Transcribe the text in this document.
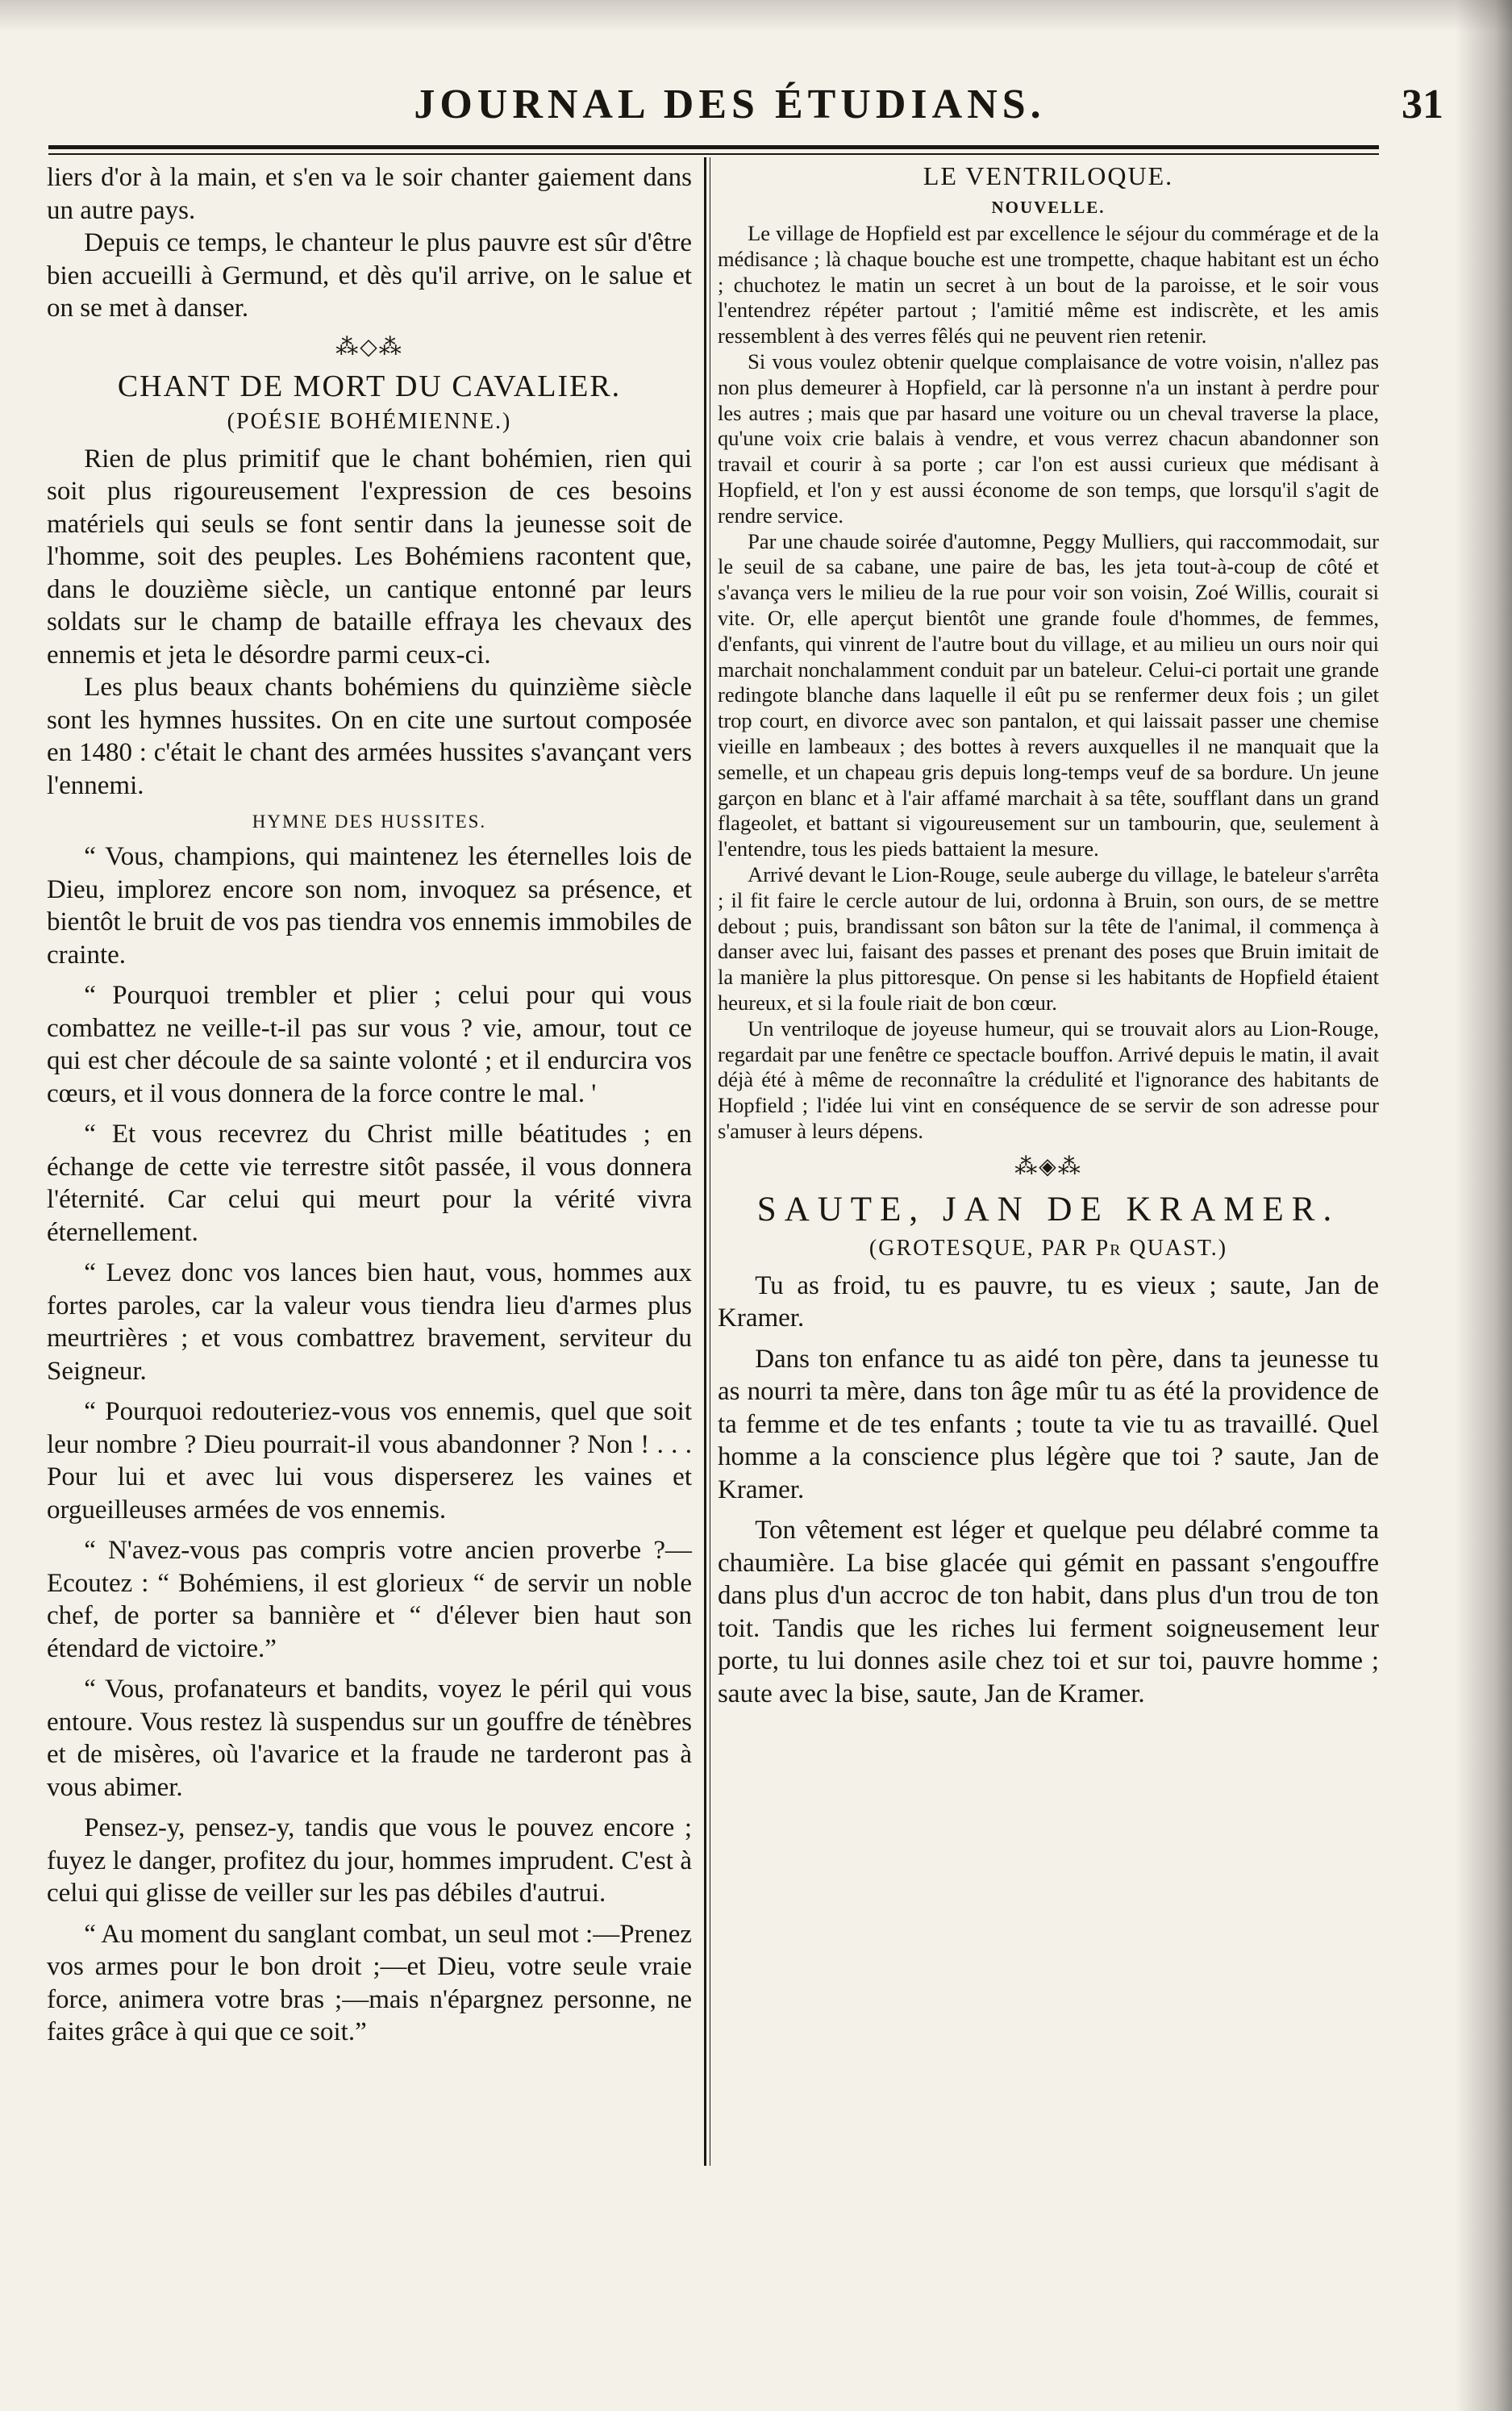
JOURNAL DES ÉTUDIANS.	31

liers d'or à la main, et s'en va le soir chanter gaiement dans un autre pays.

Depuis ce temps, le chanteur le plus pauvre est sûr d'être bien accueilli à Germund, et dès qu'il arrive, on le salue et on se met à danser.

⁂◇⁂
CHANT DE MORT DU CAVALIER.
(POÉSIE BOHÉMIENNE.)

Rien de plus primitif que le chant bohémien, rien qui soit plus rigoureusement l'expression de ces besoins matériels qui seuls se font sentir dans la jeunesse soit de l'homme, soit des peuples. Les Bohémiens racontent que, dans le douzième siècle, un cantique entonné par leurs soldats sur le champ de bataille effraya les chevaux des ennemis et jeta le désordre parmi ceux-ci.

Les plus beaux chants bohémiens du quinzième siècle sont les hymnes hussites. On en cite une surtout composée en 1480 : c'était le chant des armées hussites s'avançant vers l'ennemi.

HYMNE DES HUSSITES.

“ Vous, champions, qui maintenez les éternelles lois de Dieu, implorez encore son nom, invoquez sa présence, et bientôt le bruit de vos pas tiendra vos ennemis immobiles de crainte.

“ Pourquoi trembler et plier ; celui pour qui vous combattez ne veille-t-il pas sur vous ? vie, amour, tout ce qui est cher découle de sa sainte volonté ; et il endurcira vos cœurs, et il vous donnera de la force contre le mal. '

“ Et vous recevrez du Christ mille béatitudes ; en échange de cette vie terrestre sitôt passée, il vous donnera l'éternité. Car celui qui meurt pour la vérité vivra éternellement.

“ Levez donc vos lances bien haut, vous, hommes aux fortes paroles, car la valeur vous tiendra lieu d'armes plus meurtrières ; et vous combattrez bravement, serviteur du Seigneur.

“ Pourquoi redouteriez-vous vos ennemis, quel que soit leur nombre ? Dieu pourrait-il vous abandonner ? Non ! . . . Pour lui et avec lui vous disperserez les vaines et orgueilleuses armées de vos ennemis.

“ N'avez-vous pas compris votre ancien proverbe ?—Ecoutez : “ Bohémiens, il est glorieux “ de servir un noble chef, de porter sa bannière et “ d'élever bien haut son étendard de victoire.”

“ Vous, profanateurs et bandits, voyez le péril qui vous entoure. Vous restez là suspendus sur un gouffre de ténèbres et de misères, où l'avarice et la fraude ne tarderont pas à vous abimer.

Pensez-y, pensez-y, tandis que vous le pouvez encore ; fuyez le danger, profitez du jour, hommes imprudent. C'est à celui qui glisse de veiller sur les pas débiles d'autrui.

“ Au moment du sanglant combat, un seul mot :—Prenez vos armes pour le bon droit ;—et Dieu, votre seule vraie force, animera votre bras ;—mais n'épargnez personne, ne faites grâce à qui que ce soit.”

LE VENTRILOQUE.
NOUVELLE.

Le village de Hopfield est par excellence le séjour du commérage et de la médisance ; là chaque bouche est une trompette, chaque habitant est un écho ; chuchotez le matin un secret à un bout de la paroisse, et le soir vous l'entendrez répéter partout ; l'amitié même est indiscrète, et les amis ressemblent à des verres fêlés qui ne peuvent rien retenir.

Si vous voulez obtenir quelque complaisance de votre voisin, n'allez pas non plus demeurer à Hopfield, car là personne n'a un instant à perdre pour les autres ; mais que par hasard une voiture ou un cheval traverse la place, qu'une voix crie balais à vendre, et vous verrez chacun abandonner son travail et courir à sa porte ; car l'on est aussi curieux que médisant à Hopfield, et l'on y est aussi économe de son temps, que lorsqu'il s'agit de rendre service.

Par une chaude soirée d'automne, Peggy Mulliers, qui raccommodait, sur le seuil de sa cabane, une paire de bas, les jeta tout-à-coup de côté et s'avança vers le milieu de la rue pour voir son voisin, Zoé Willis, courait si vite. Or, elle aperçut bientôt une grande foule d'hommes, de femmes, d'enfants, qui vinrent de l'autre bout du village, et au milieu un ours noir qui marchait nonchalamment conduit par un bateleur. Celui-ci portait une grande redingote blanche dans laquelle il eût pu se renfermer deux fois ; un gilet trop court, en divorce avec son pantalon, et qui laissait passer une chemise vieille en lambeaux ; des bottes à revers auxquelles il ne manquait que la semelle, et un chapeau gris depuis long-temps veuf de sa bordure. Un jeune garçon en blanc et à l'air affamé marchait à sa tête, soufflant dans un grand flageolet, et battant si vigoureusement sur un tambourin, que, seulement à l'entendre, tous les pieds battaient la mesure.

Arrivé devant le Lion-Rouge, seule auberge du village, le bateleur s'arrêta ; il fit faire le cercle autour de lui, ordonna à Bruin, son ours, de se mettre debout ; puis, brandissant son bâton sur la tête de l'animal, il commença à danser avec lui, faisant des passes et prenant des poses que Bruin imitait de la manière la plus pittoresque. On pense si les habitants de Hopfield étaient heureux, et si la foule riait de bon cœur.

Un ventriloque de joyeuse humeur, qui se trouvait alors au Lion-Rouge, regardait par une fenêtre ce spectacle bouffon. Arrivé depuis le matin, il avait déjà été à même de reconnaître la crédulité et l'ignorance des habitants de Hopfield ; l'idée lui vint en conséquence de se servir de son adresse pour s'amuser à leurs dépens.

⁂◈⁂
SAUTE, JAN DE KRAMER.
(GROTESQUE, PAR Pr QUAST.)

Tu as froid, tu es pauvre, tu es vieux ; saute, Jan de Kramer.

Dans ton enfance tu as aidé ton père, dans ta jeunesse tu as nourri ta mère, dans ton âge mûr tu as été la providence de ta femme et de tes enfants ; toute ta vie tu as travaillé. Quel homme a la conscience plus légère que toi ? saute, Jan de Kramer.

Ton vêtement est léger et quelque peu délabré comme ta chaumière. La bise glacée qui gémit en passant s'engouffre dans plus d'un accroc de ton habit, dans plus d'un trou de ton toit. Tandis que les riches lui ferment soigneusement leur porte, tu lui donnes asile chez toi et sur toi, pauvre homme ; saute avec la bise, saute, Jan de Kramer.
